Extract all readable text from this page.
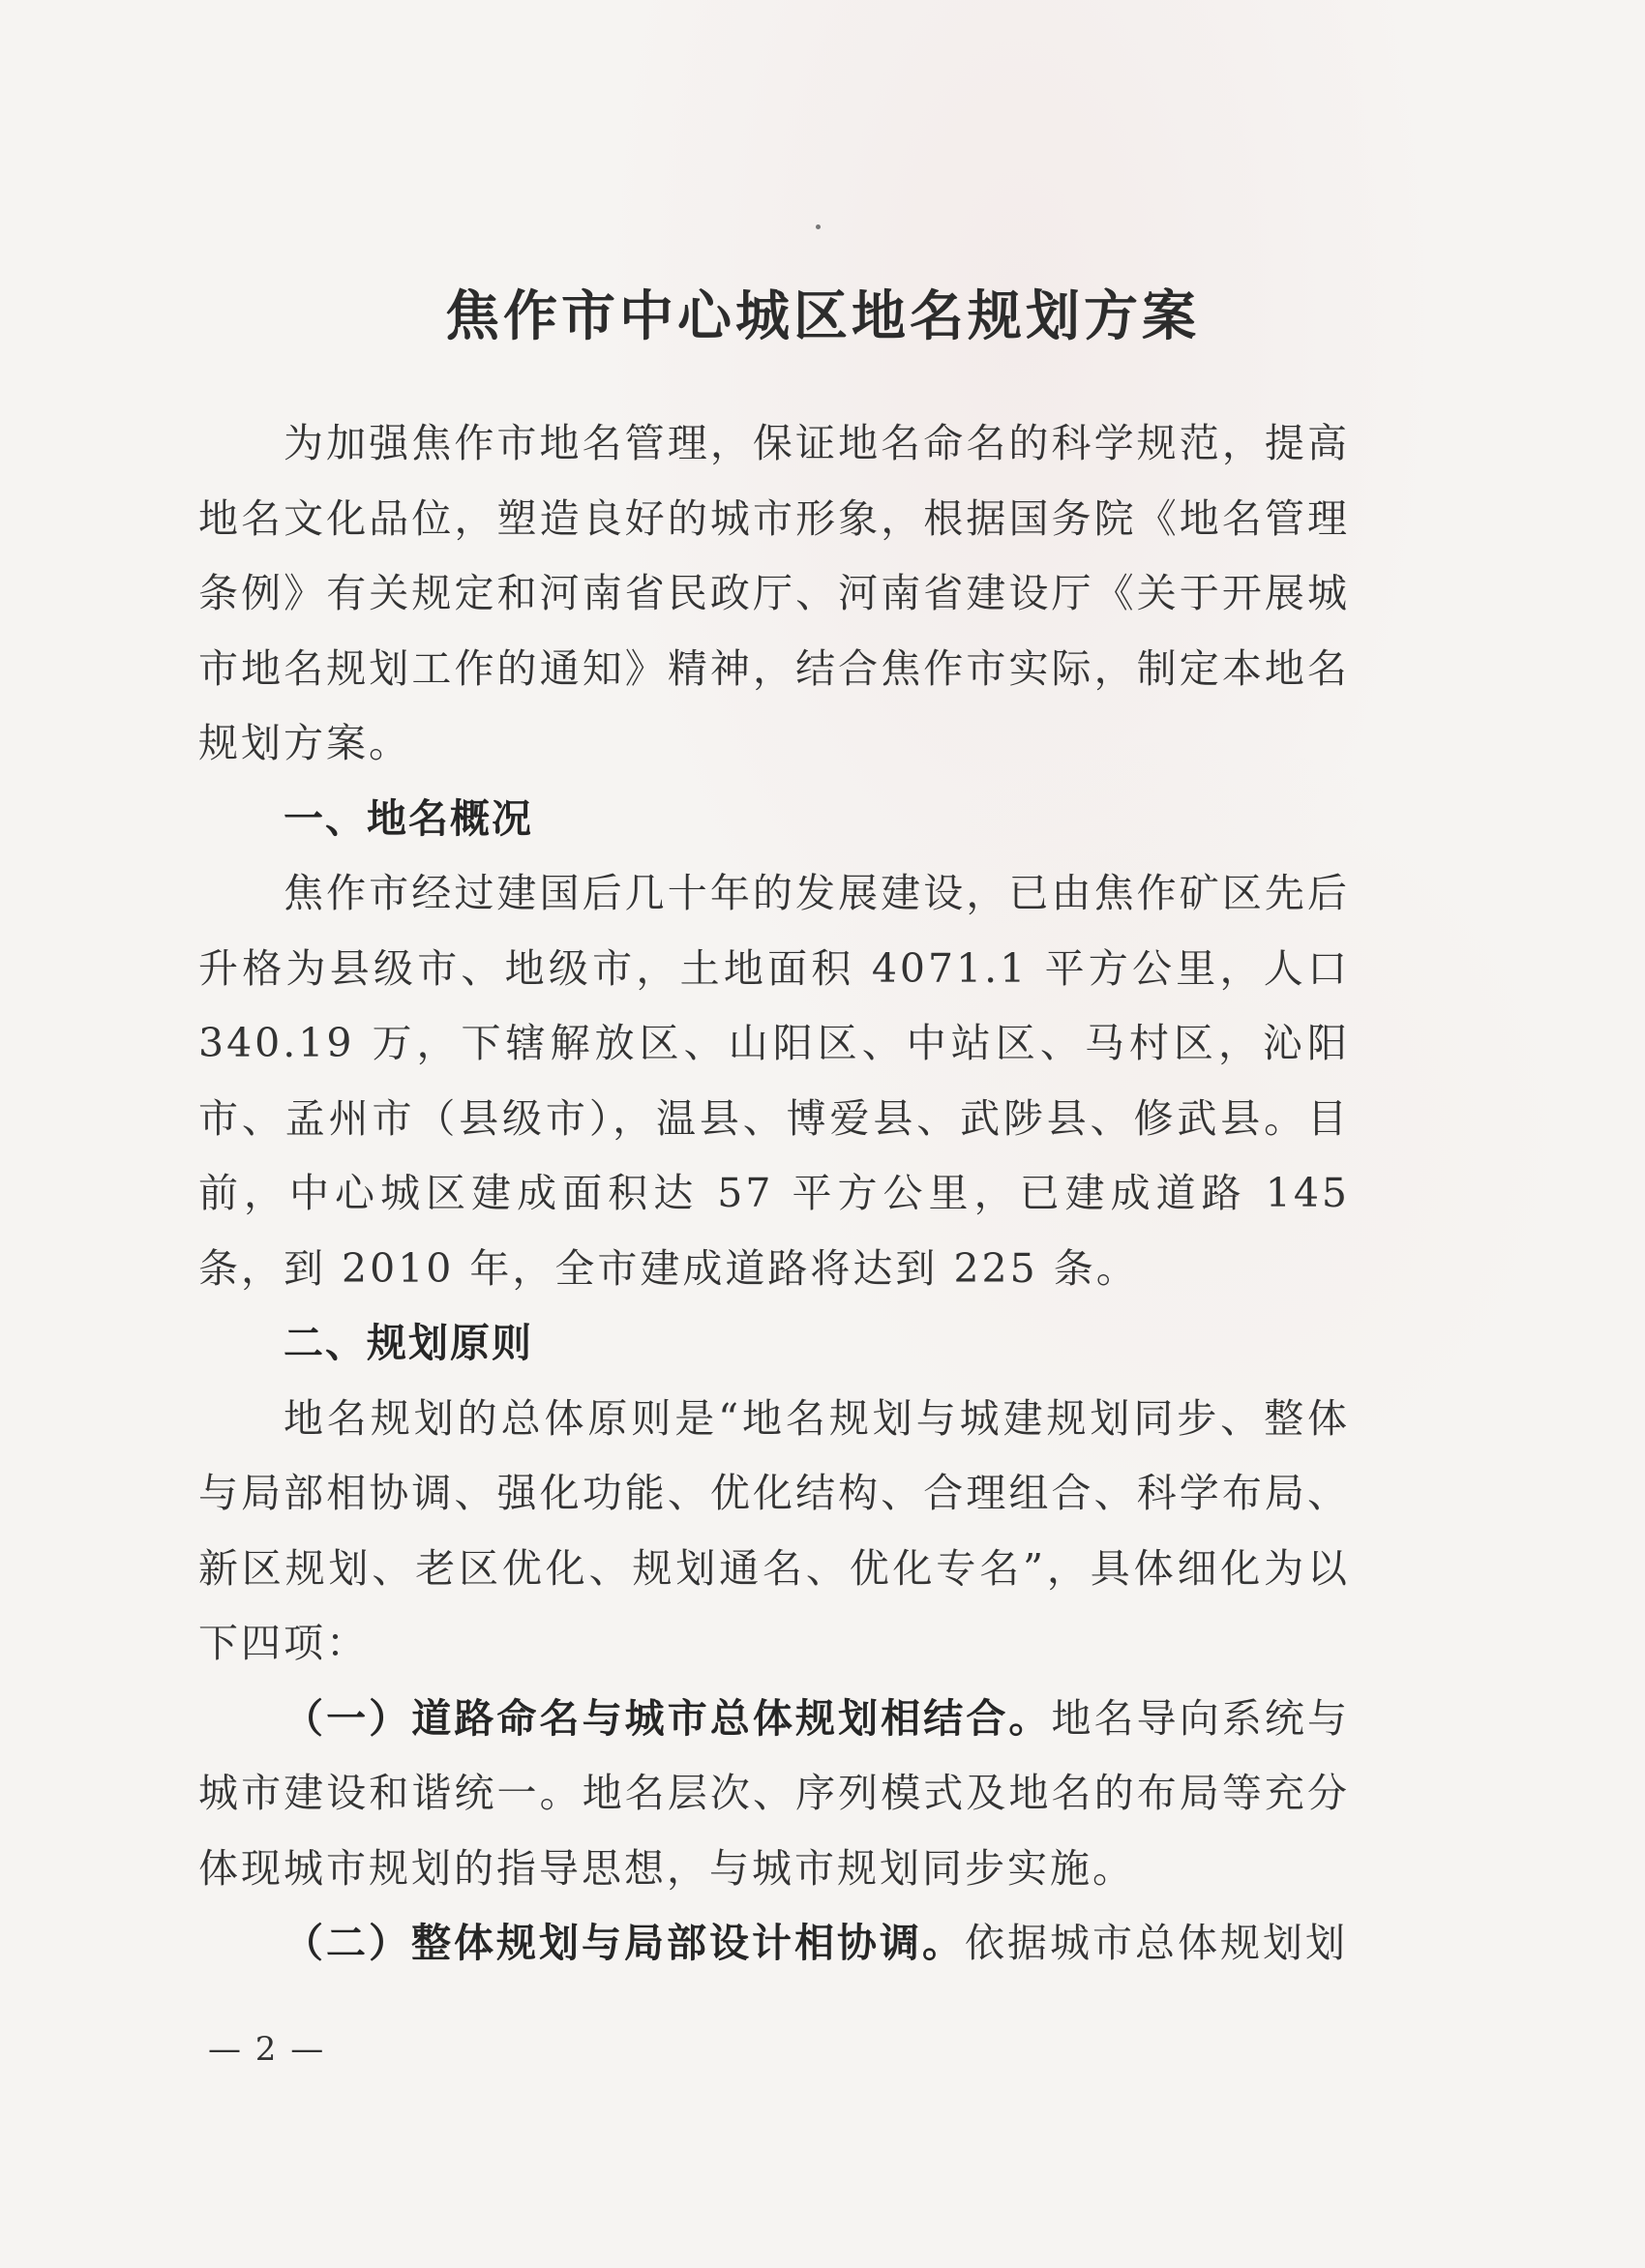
焦作市中心城区地名规划方案

为加强焦作市地名管理，保证地名命名的科学规范，提高地名文化品位，塑造良好的城市形象，根据国务院《地名管理条例》有关规定和河南省民政厅、河南省建设厅《关于开展城市地名规划工作的通知》精神，结合焦作市实际，制定本地名规划方案。

一、地名概况

焦作市经过建国后几十年的发展建设，已由焦作矿区先后升格为县级市、地级市，土地面积 4071.1 平方公里，人口 340.19 万，下辖解放区、山阳区、中站区、马村区，沁阳市、孟州市（县级市），温县、博爱县、武陟县、修武县。目前，中心城区建成面积达 57 平方公里，已建成道路 145 条，到 2010 年，全市建成道路将达到 225 条。

二、规划原则

地名规划的总体原则是“地名规划与城建规划同步、整体与局部相协调、强化功能、优化结构、合理组合、科学布局、新区规划、老区优化、规划通名、优化专名”，具体细化为以下四项：

（一）道路命名与城市总体规划相结合。地名导向系统与城市建设和谐统一。地名层次、序列模式及地名的布局等充分体现城市规划的指导思想，与城市规划同步实施。

（二）整体规划与局部设计相协调。依据城市总体规划划

— 2 —
